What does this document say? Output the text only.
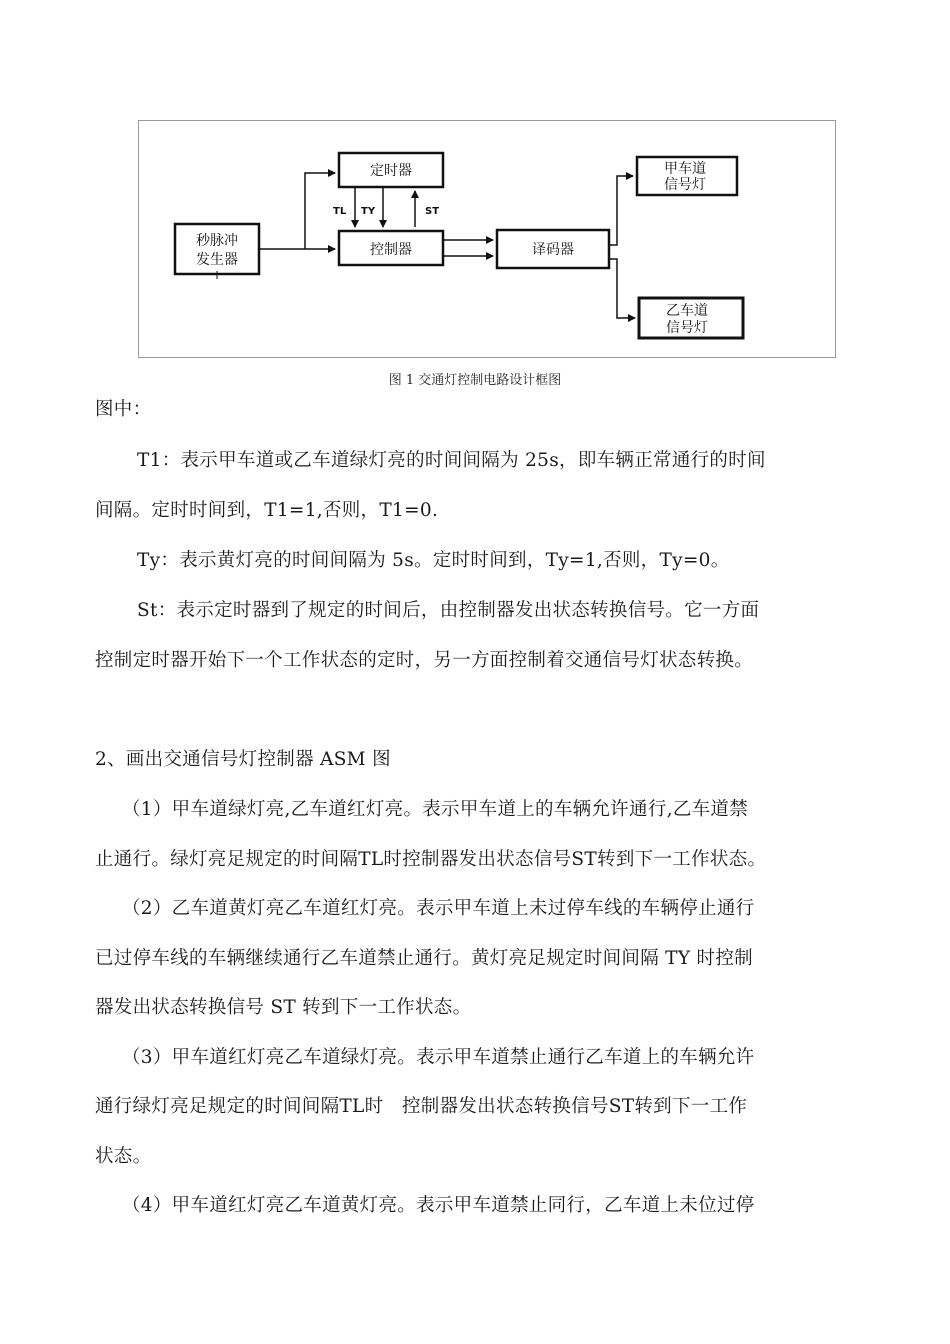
秒脉冲
发生器
定时器
控制器	译码器
甲车道
信号灯
乙车道
信号灯
TL TY	ST
图 1 交通灯控制电路设计框图
图中：
T1：表示甲车道或乙车道绿灯亮的时间间隔为 25s，即车辆正常通行的时间
间隔。定时时间到，T1=1,否则，T1=0.
Ty：表示黄灯亮的时间间隔为 5s。定时时间到，Ty=1,否则，Ty=0。
St：表示定时器到了规定的时间后，由控制器发出状态转换信号。它一方面
控制定时器开始下一个工作状态的定时，另一方面控制着交通信号灯状态转换。
2、画出交通信号灯控制器 ASM 图
（1）甲车道绿灯亮,乙车道红灯亮。表示甲车道上的车辆允许通行,乙车道禁
止通行。绿灯亮足规定的时间隔TL时控制器发出状态信号ST转到下一工作状态。
（2）乙车道黄灯亮乙车道红灯亮。表示甲车道上未过停车线的车辆停止通行
已过停车线的车辆继续通行乙车道禁止通行。黄灯亮足规定时间间隔 TY 时控制
器发出状态转换信号 ST 转到下一工作状态。
（3）甲车道红灯亮乙车道绿灯亮。表示甲车道禁止通行乙车道上的车辆允许
通行绿灯亮足规定的时间间隔TL时   控制器发出状态转换信号ST转到下一工作
状态。
（4）甲车道红灯亮乙车道黄灯亮。表示甲车道禁止同行，乙车道上未位过停
